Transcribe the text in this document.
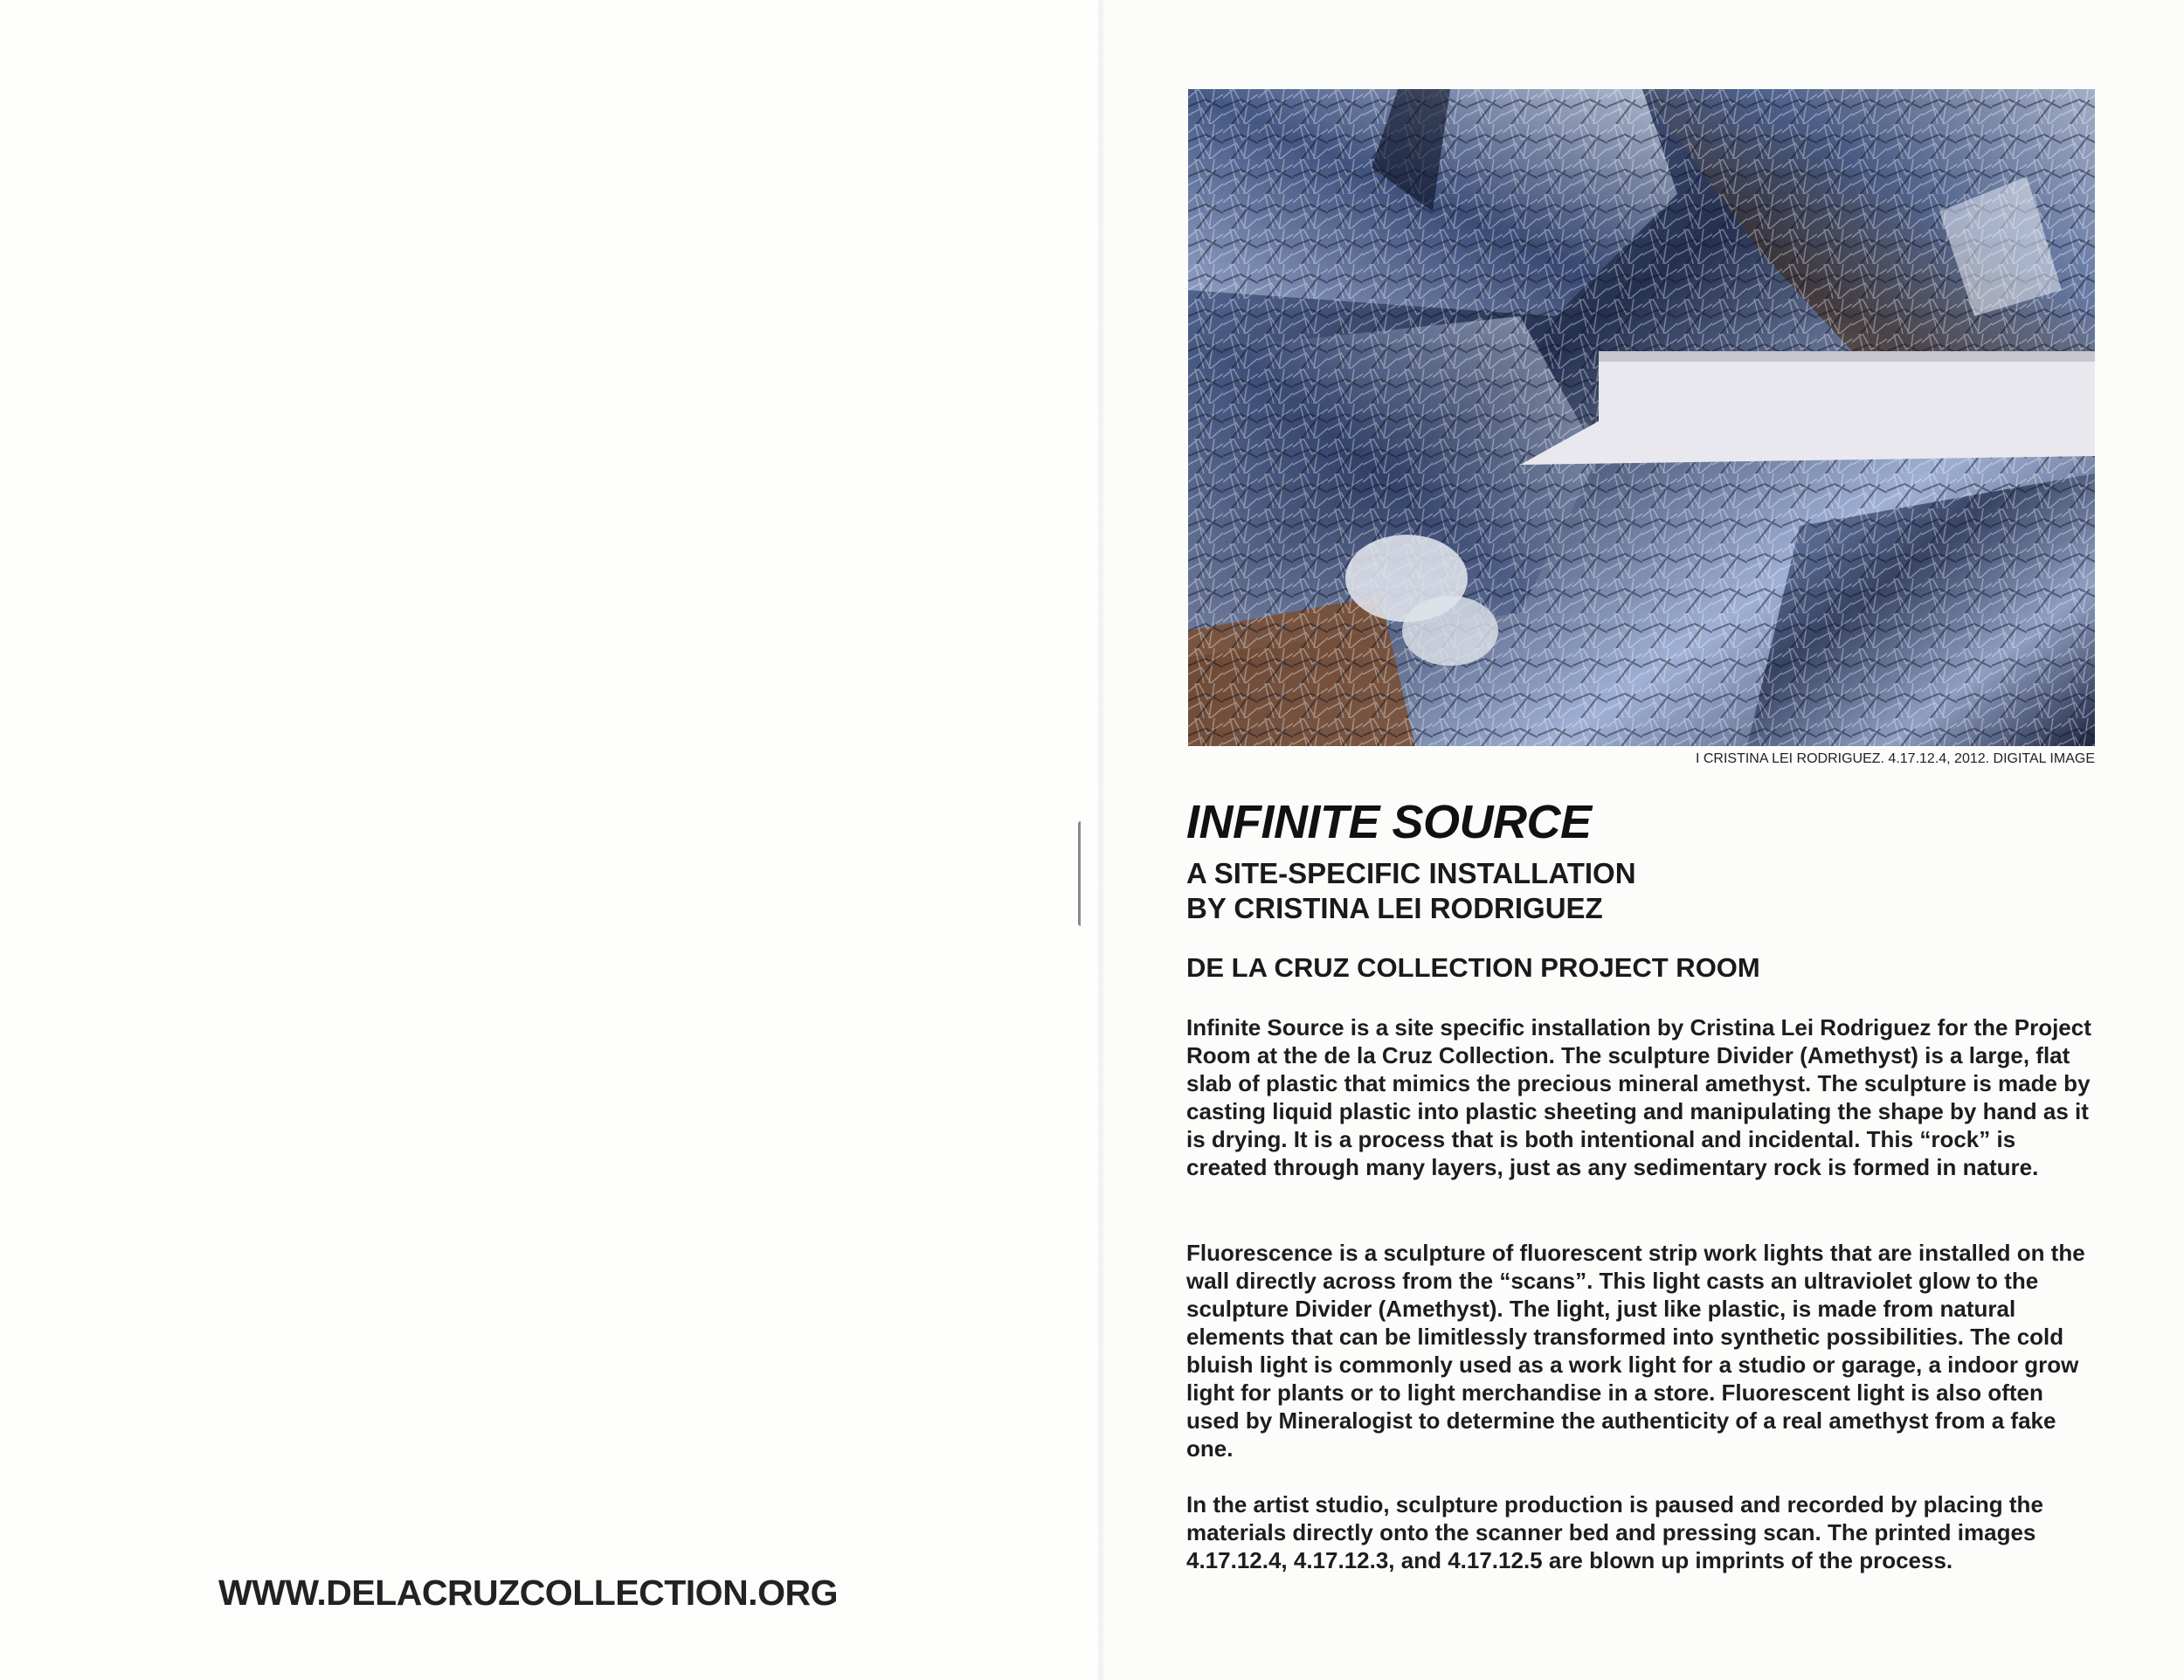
WWW.DELACRUZCOLLECTION.ORG
I CRISTINA LEI RODRIGUEZ. 4.17.12.4, 2012. DIGITAL IMAGE
INFINITE SOURCE
A SITE-SPECIFIC INSTALLATION
BY CRISTINA LEI RODRIGUEZ
DE LA CRUZ COLLECTION PROJECT ROOM

Infinite Source is a site specific installation by Cristina Lei Rodriguez for the Project Room at the de la Cruz Collection. The sculpture Divider (Amethyst) is a large, flat slab of plastic that mimics the precious mineral amethyst. The sculpture is made by casting liquid plastic into plastic sheeting and manipulating the shape by hand as it is drying. It is a process that is both intentional and incidental. This “rock” is created through many layers, just as any sedimentary rock is formed in nature.

Fluorescence is a sculpture of fluorescent strip work lights that are installed on the wall directly across from the “scans”. This light casts an ultraviolet glow to the sculpture Divider (Amethyst). The light, just like plastic, is made from natural elements that can be limitlessly transformed into synthetic possibilities. The cold bluish light is commonly used as a work light for a studio or garage, a indoor grow light for plants or to light merchandise in a store. Fluorescent light is also often used by Mineralogist to determine the authenticity of a real amethyst from a fake one.

In the artist studio, sculpture production is paused and recorded by placing the materials directly onto the scanner bed and pressing scan. The printed images 4.17.12.4, 4.17.12.3, and 4.17.12.5 are blown up imprints of the process.
